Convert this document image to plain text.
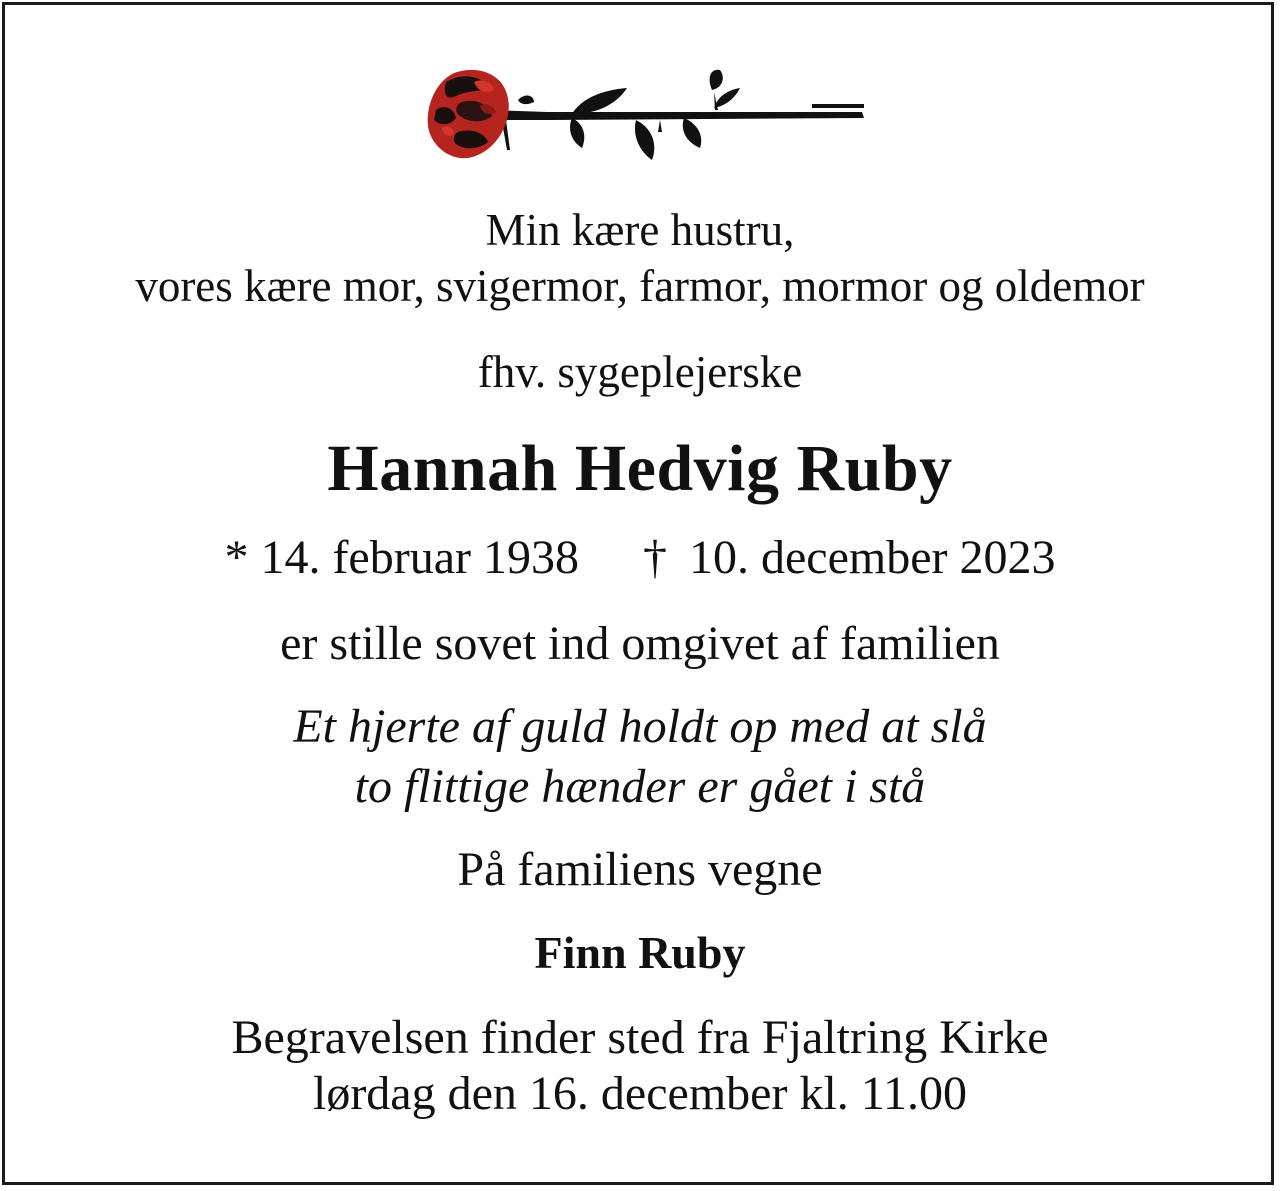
Min kære hustru,
vores kære mor, svigermor, farmor, mormor og oldemor
fhv. sygeplejerske
Hannah Hedvig Ruby
* 14. februar 1938 † 10. december 2023
er stille sovet ind omgivet af familien
Et hjerte af guld holdt op med at slå
to flittige hænder er gået i stå
På familiens vegne
Finn Ruby
Begravelsen finder sted fra Fjaltring Kirke
lørdag den 16. december kl. 11.00
